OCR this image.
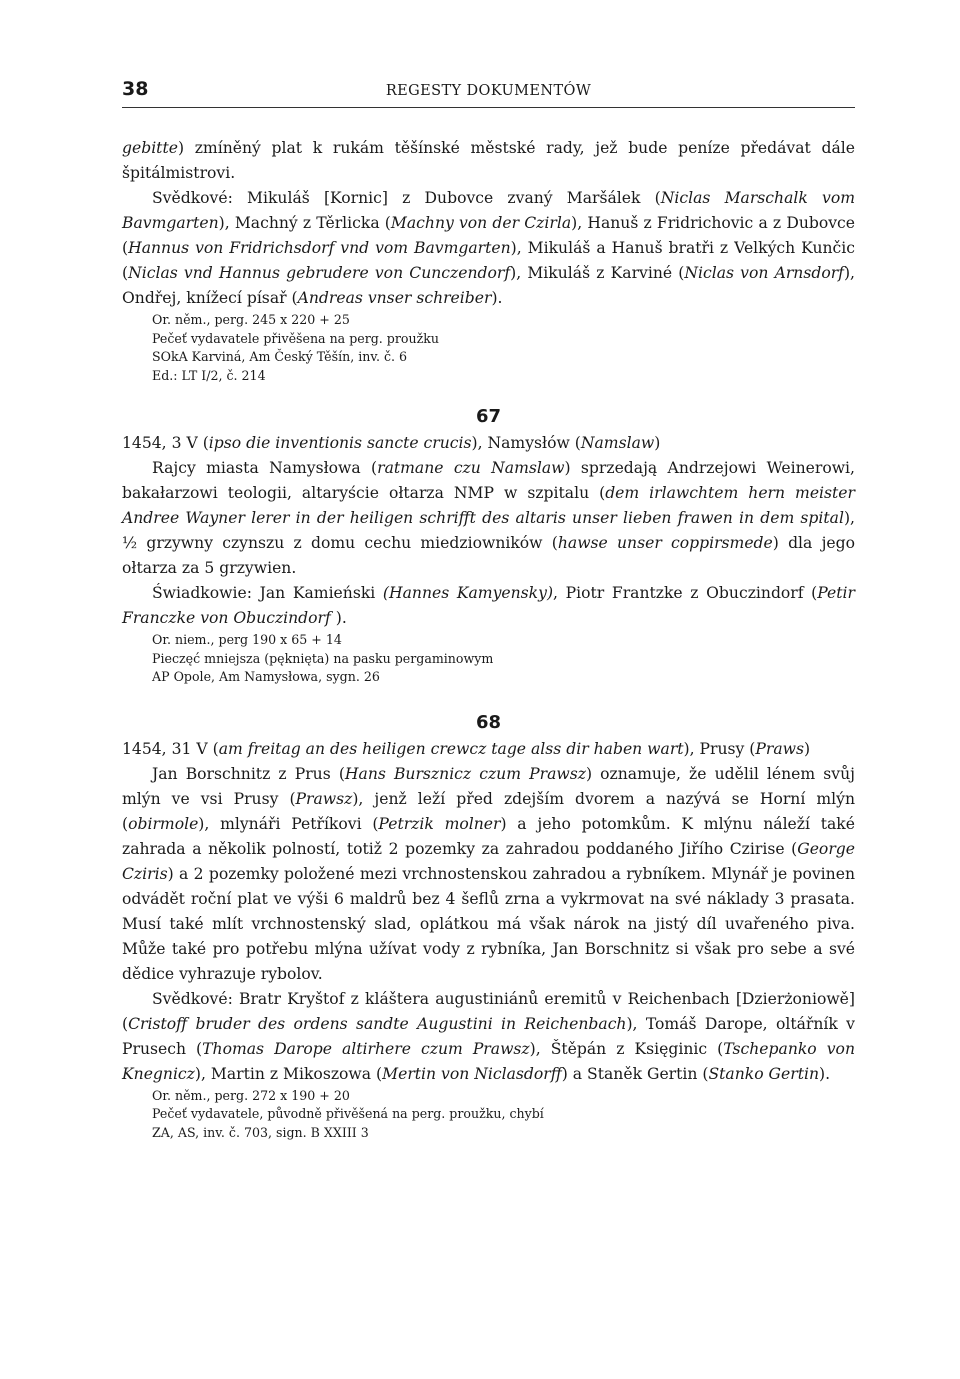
38	REGESTY DOKUMENTÓW

gebitte) zmíněný plat k rukám těšínské městské rady, jež bude peníze předávat dále špitálmistrovi.

Svědkové: Mikuláš [Kornic] z Dubovce zvaný Maršálek (Niclas Marschalk vom Bavmgarten), Machný z Těrlicka (Machny von der Czirla), Hanuš z Fridrichovic a z Dubovce (Hannus von Fridrichsdorf vnd vom Bavmgarten), Mikuláš a Hanuš bratři z Velkých Kunčic (Niclas vnd Hannus gebrudere von Cunczendorf), Mikuláš z Karviné (Niclas von Arnsdorf), Ondřej, knížecí písař (Andreas vnser schreiber).

Or. něm., perg. 245 x 220 + 25
Pečeť vydavatele přivěšena na perg. proužku
SOkA Karviná, Am Český Těšín, inv. č. 6
Ed.: LT I/2, č. 214
67

1454, 3 V (ipso die inventionis sancte crucis), Namysłów (Namslaw)

Rajcy miasta Namysłowa (ratmane czu Namslaw) sprzedają Andrzejowi Weinerowi, bakałarzowi teologii, altaryście ołtarza NMP w szpitalu (dem irlawchtem hern meister Andree Wayner lerer in der heiligen schrifft des altaris unser lieben frawen in dem spital), ½ grzywny czynszu z domu cechu miedziowników (hawse unser coppirsmede) dla jego ołtarza za 5 grzywien.

Świadkowie: Jan Kamieński (Hannes Kamyensky), Piotr Frantzke z Obuczindorf (Petir Franczke von Obuczindorf ).

Or. niem., perg 190 x 65 + 14
Pieczęć mniejsza (pęknięta) na pasku pergaminowym
AP Opole, Am Namysłowa, sygn. 26
68

1454, 31 V (am freitag an des heiligen crewcz tage alss dir haben wart), Prusy (Praws)

Jan Borschnitz z Prus (Hans Bursznicz czum Prawsz) oznamuje, že udělil lénem svůj mlýn ve vsi Prusy (Prawsz), jenž leží před zdejším dvorem a nazývá se Horní mlýn (obirmole), mlynáři Petříkovi (Petrzik molner) a jeho potomkům. K mlýnu náleží také zahrada a několik polností, totiž 2 pozemky za zahradou poddaného Jiřího Czirise (George Cziris) a 2 pozemky položené mezi vrchnostenskou zahradou a rybníkem. Mlynář je povinen odvádět roční plat ve výši 6 maldrů bez 4 šeflů zrna a vykrmovat na své náklady 3 prasata. Musí také mlít vrchnostenský slad, oplátkou má však nárok na jistý díl uvařeného piva. Může také pro potřebu mlýna užívat vody z rybníka, Jan Borschnitz si však pro sebe a své dědice vyhrazuje rybolov.

Svědkové: Bratr Kryštof z kláštera augustiniánů eremitů v Reichenbach [Dzierżoniowě] (Cristoff bruder des ordens sandte Augustini in Reichenbach), Tomáš Darope, oltářník v Prusech (Thomas Darope altirhere czum Prawsz), Štěpán z Księginic (Tschepanko von Knegnicz), Martin z Mikoszowa (Mertin von Niclasdorff) a Staněk Gertin (Stanko Gertin).

Or. něm., perg. 272 x 190 + 20
Pečeť vydavatele, původně přivěšená na perg. proužku, chybí
ZA, AS, inv. č. 703, sign. B XXIII 3
